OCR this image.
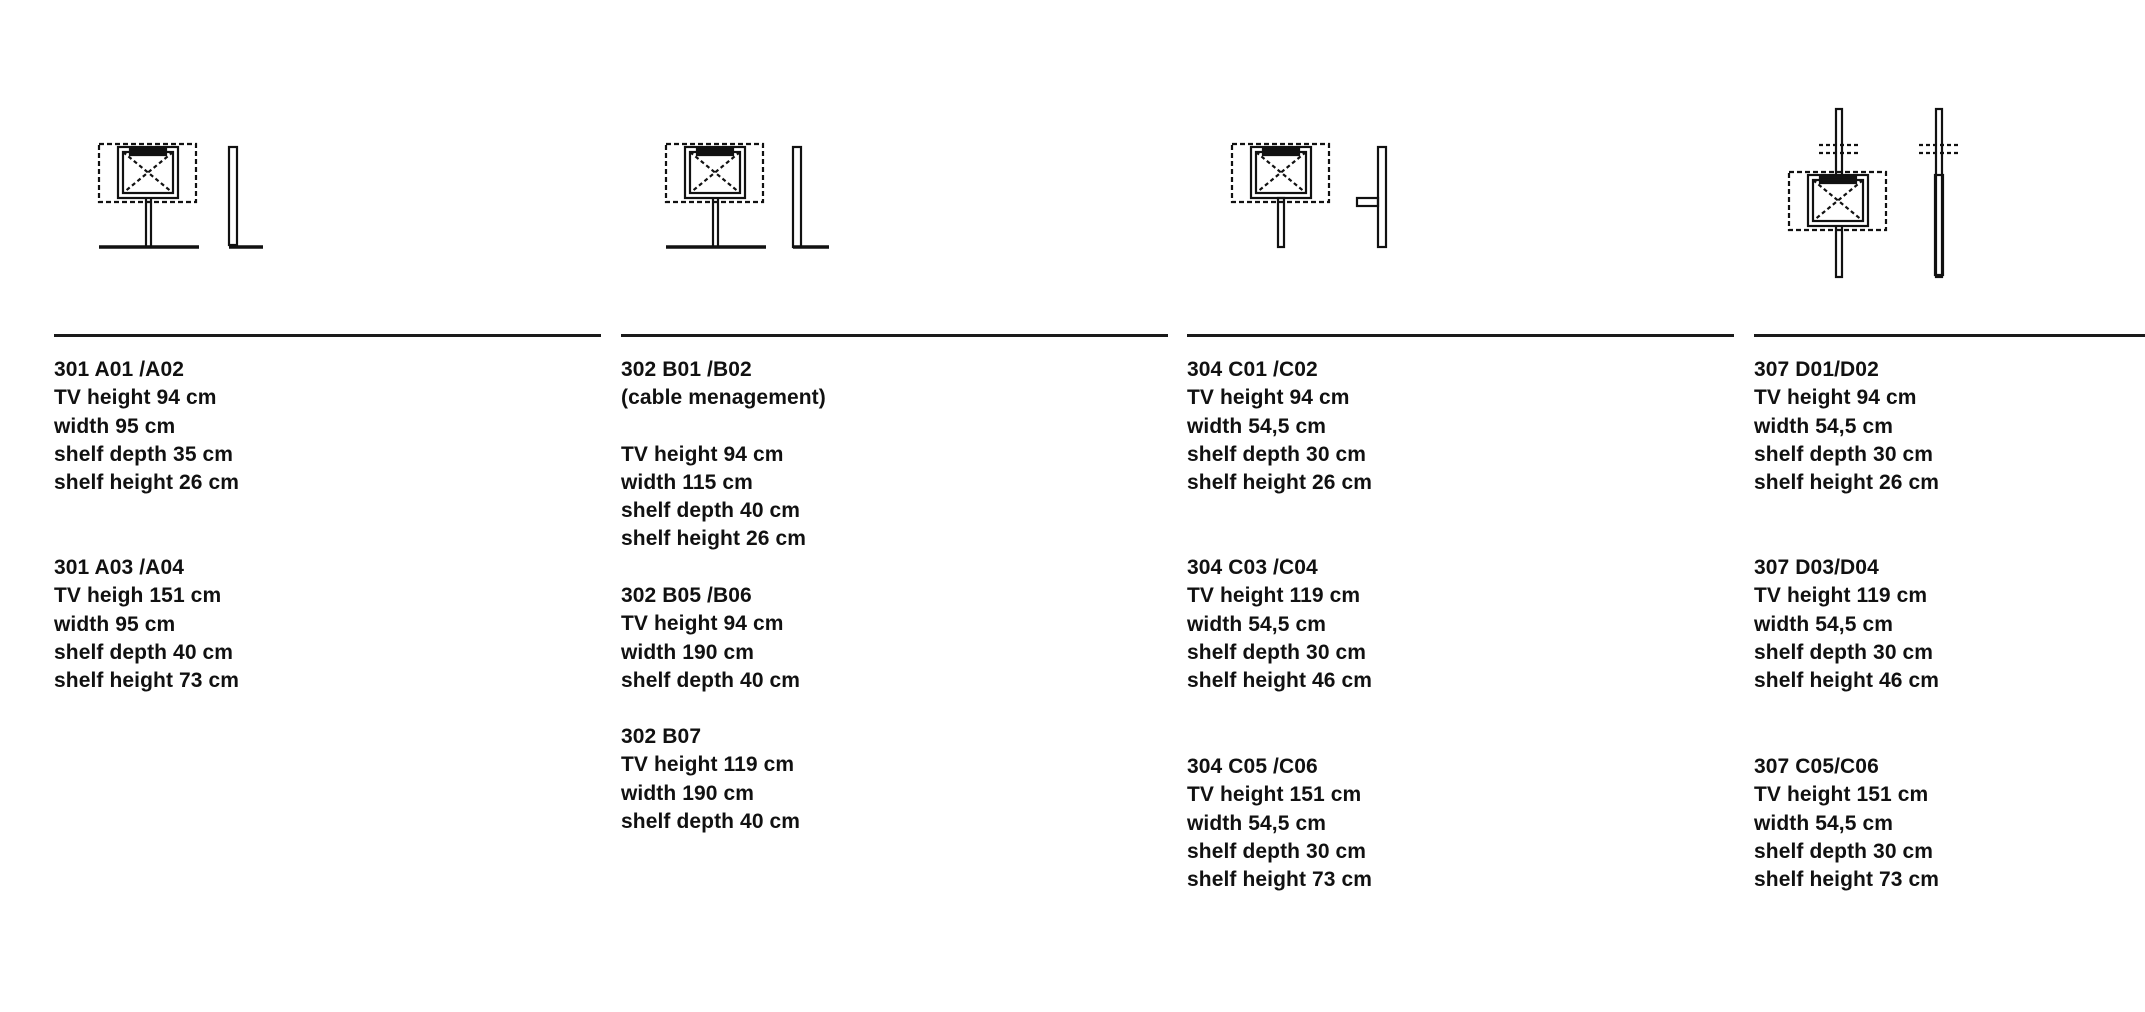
301 A01 /A02
TV height 94 cm
width 95 cm
shelf depth 35 cm
shelf height 26 cm
301 A03 /A04
TV heigh 151 cm
width 95 cm
shelf depth 40 cm
shelf height 73 cm
302 B01 /B02
(cable menagement)
TV height 94 cm
width 115 cm
shelf depth 40 cm
shelf height 26 cm
302 B05 /B06
TV height 94 cm
width 190 cm
shelf depth 40 cm
302 B07
TV height 119 cm
width 190 cm
shelf depth 40 cm
304 C01 /C02
TV height 94 cm
width 54,5 cm
shelf depth 30 cm
shelf height 26 cm
304 C03 /C04
TV height 119 cm
width 54,5 cm
shelf depth 30 cm
shelf height 46 cm
304 C05 /C06
TV height 151 cm
width 54,5 cm
shelf depth 30 cm
shelf height 73 cm
307 D01/D02
TV height 94 cm
width 54,5 cm
shelf depth 30 cm
shelf height 26 cm
307 D03/D04
TV height 119 cm
width 54,5 cm
shelf depth 30 cm
shelf height 46 cm
307 C05/C06
TV height 151 cm
width 54,5 cm
shelf depth 30 cm
shelf height 73 cm
